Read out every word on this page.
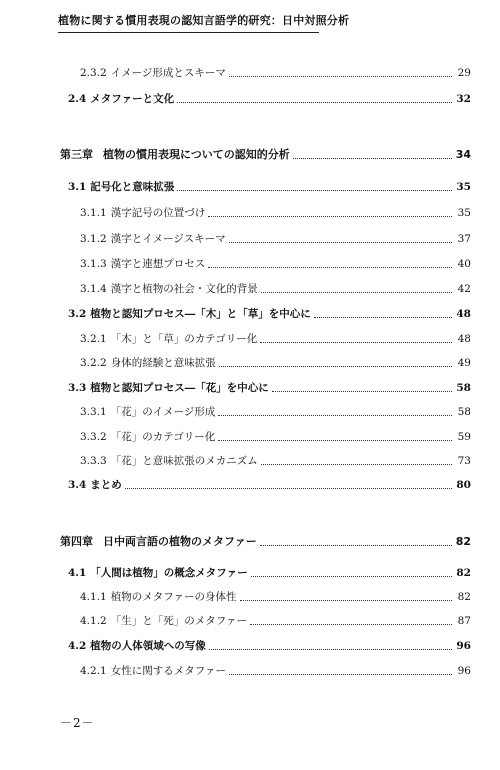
植物に関する慣用表現の認知言語学的研究：日中対照分析
2.3.2 イメージ形成とスキーマ	29
2.4 メタファーと文化	32
第三章 植物の慣用表現についての認知的分析	34
3.1 記号化と意味拡張	35
3.1.1 漢字記号の位置づけ	35
3.1.2 漢字とイメージスキーマ	37
3.1.3 漢字と連想プロセス	40
3.1.4 漢字と植物の社会・文化的背景	42
3.2 植物と認知プロセス―「木」と「草」を中心に	48
3.2.1 「木」と「草」のカテゴリー化	48
3.2.2 身体的経験と意味拡張	49
3.3 植物と認知プロセス―「花」を中心に	58
3.3.1 「花」のイメージ形成	58
3.3.2 「花」のカテゴリー化	59
3.3.3 「花」と意味拡張のメカニズム	73
3.4 まとめ	80
第四章 日中両言語の植物のメタファー	82
4.1 「人間は植物」の概念メタファー	82
4.1.1 植物のメタファーの身体性	82
4.1.2 「生」と「死」のメタファー	87
4.2 植物の人体領域への写像	96
4.2.1 女性に関するメタファー	96
－2－
